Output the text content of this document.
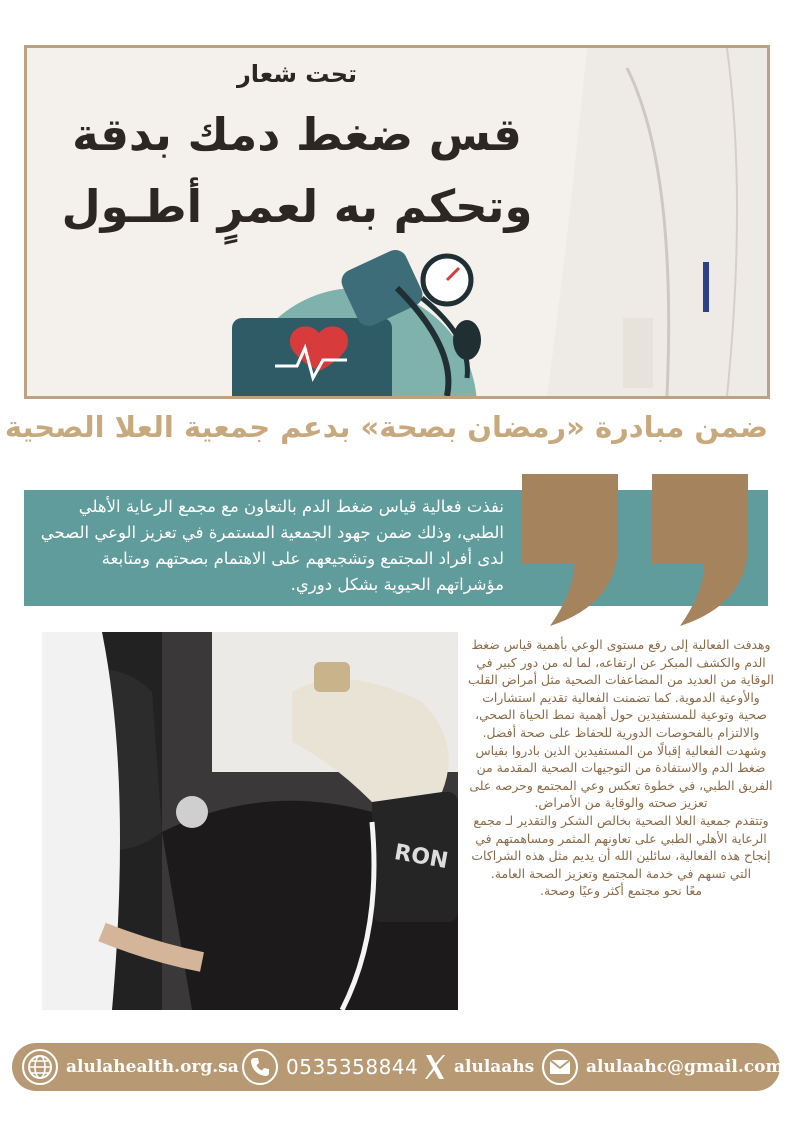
تحت شعار
قس ضغط دمك بدقة
وتحكم به لعمرٍ أطـول
ضمن مبادرة «رمضان بصحة» بدعم جمعية العلا الصحية
نفذت فعالية قياس ضغط الدم بالتعاون مع مجمع الرعاية الأهلي الطبي، وذلك ضمن جهود الجمعية المستمرة في تعزيز الوعي الصحي لدى أفراد المجتمع وتشجيعهم على الاهتمام بصحتهم ومتابعة مؤشراتهم الحيوية بشكل دوري.
RON

وهدفت الفعالية إلى رفع مستوى الوعي بأهمية قياس ضغط الدم والكشف المبكر عن ارتفاعه، لما له من دور كبير في الوقاية من العديد من المضاعفات الصحية مثل أمراض القلب والأوعية الدموية. كما تضمنت الفعالية تقديم استشارات صحية وتوعية للمستفيدين حول أهمية نمط الحياة الصحي، والالتزام بالفحوصات الدورية للحفاظ على صحة أفضل.

وشهدت الفعالية إقبالًا من المستفيدين الذين بادروا بقياس ضغط الدم والاستفادة من التوجيهات الصحية المقدمة من الفريق الطبي، في خطوة تعكس وعي المجتمع وحرصه على تعزيز صحته والوقاية من الأمراض.

وتتقدم جمعية العلا الصحية بخالص الشكر والتقدير لـ مجمع الرعاية الأهلي الطبي على تعاونهم المثمر ومساهمتهم في إنجاح هذه الفعالية، سائلين الله أن يديم مثل هذه الشراكات التي تسهم في خدمة المجتمع وتعزيز الصحة العامة.

معًا نحو مجتمع أكثر وعيًا وصحة.

alulahealth.org.sa 0535358844 alulaahs	alulaahc@gmail.com
